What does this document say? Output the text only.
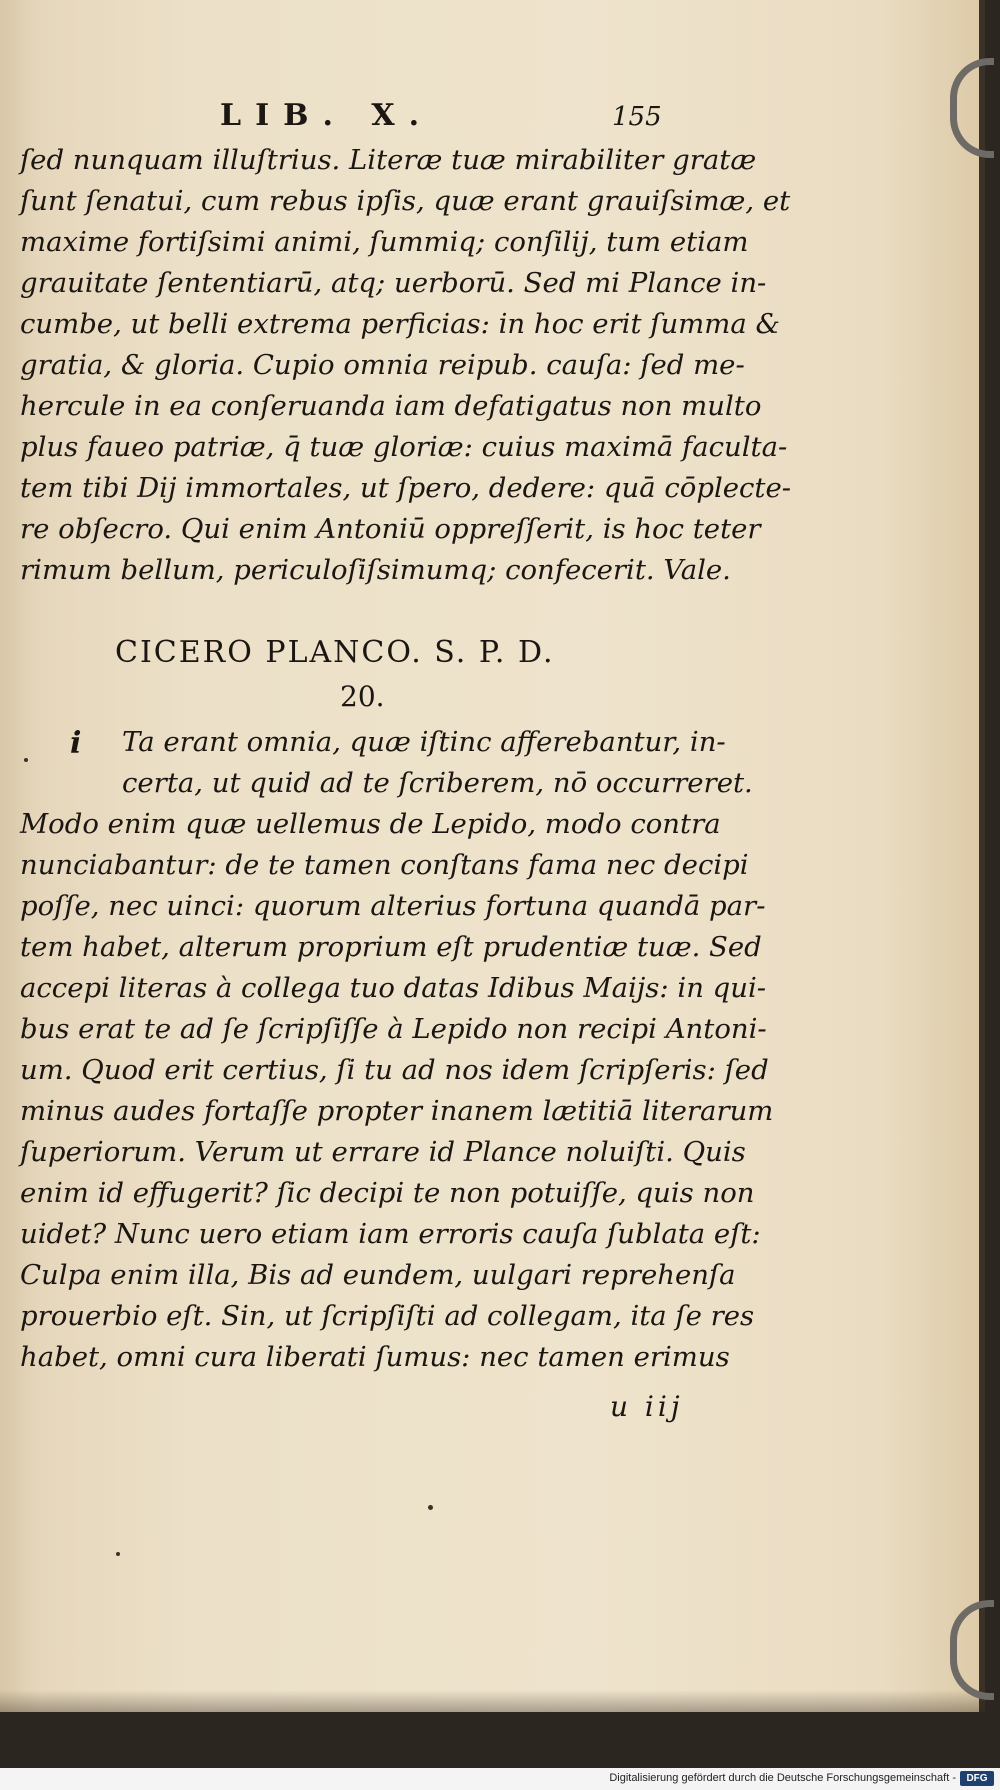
LIB. X.	155
ſed nunquam illuſtrius. Literæ tuæ mirabiliter gratæ
ſunt ſenatui, cum rebus ipſis, quæ erant grauiſsimæ, et
maxime fortiſsimi animi, ſummiq; conſilij, tum etiam
grauitate ſententiarū, atq; uerborū. Sed mi Plance in-
cumbe, ut belli extrema perficias: in hoc erit ſumma &
gratia, & gloria. Cupio omnia reipub. cauſa: ſed me-
hercule in ea conſeruanda iam defatigatus non multo
plus faueo patriæ, q̄ tuæ gloriæ: cuius maximā faculta-
tem tibi Dij immortales, ut ſpero, dedere: quā cōplecte-
re obſecro. Qui enim Antoniū oppreſſerit, is hoc teter
rimum bellum, periculoſiſsimumq; confecerit. Vale.
CICERO PLANCO. S. P. D.
20.
i	Ta erant omnia, quæ iſtinc afferebantur, in-
certa, ut quid ad te ſcriberem, nō occurreret.
Modo enim quæ uellemus de Lepido, modo contra
nunciabantur: de te tamen conſtans fama nec decipi
poſſe, nec uinci: quorum alterius fortuna quandā par-
tem habet, alterum proprium eſt prudentiæ tuæ. Sed
accepi literas à collega tuo datas Idibus Maijs: in qui-
bus erat te ad ſe ſcripſiſſe à Lepido non recipi Antoni-
um. Quod erit certius, ſi tu ad nos idem ſcripſeris: ſed
minus audes fortaſſe propter inanem lætitiā literarum
ſuperiorum. Verum ut errare id Plance noluiſti. Quis
enim id effugerit? ſic decipi te non potuiſſe, quis non
uidet? Nunc uero etiam iam erroris cauſa ſublata eſt:
Culpa enim illa, Bis ad eundem, uulgari reprehenſa
prouerbio eſt. Sin, ut ſcripſiſti ad collegam, ita ſe res
habet, omni cura liberati ſumus: nec tamen erimus
u iij
Digitalisierung gefördert durch die Deutsche Forschungsgemeinschaft -	DFG
